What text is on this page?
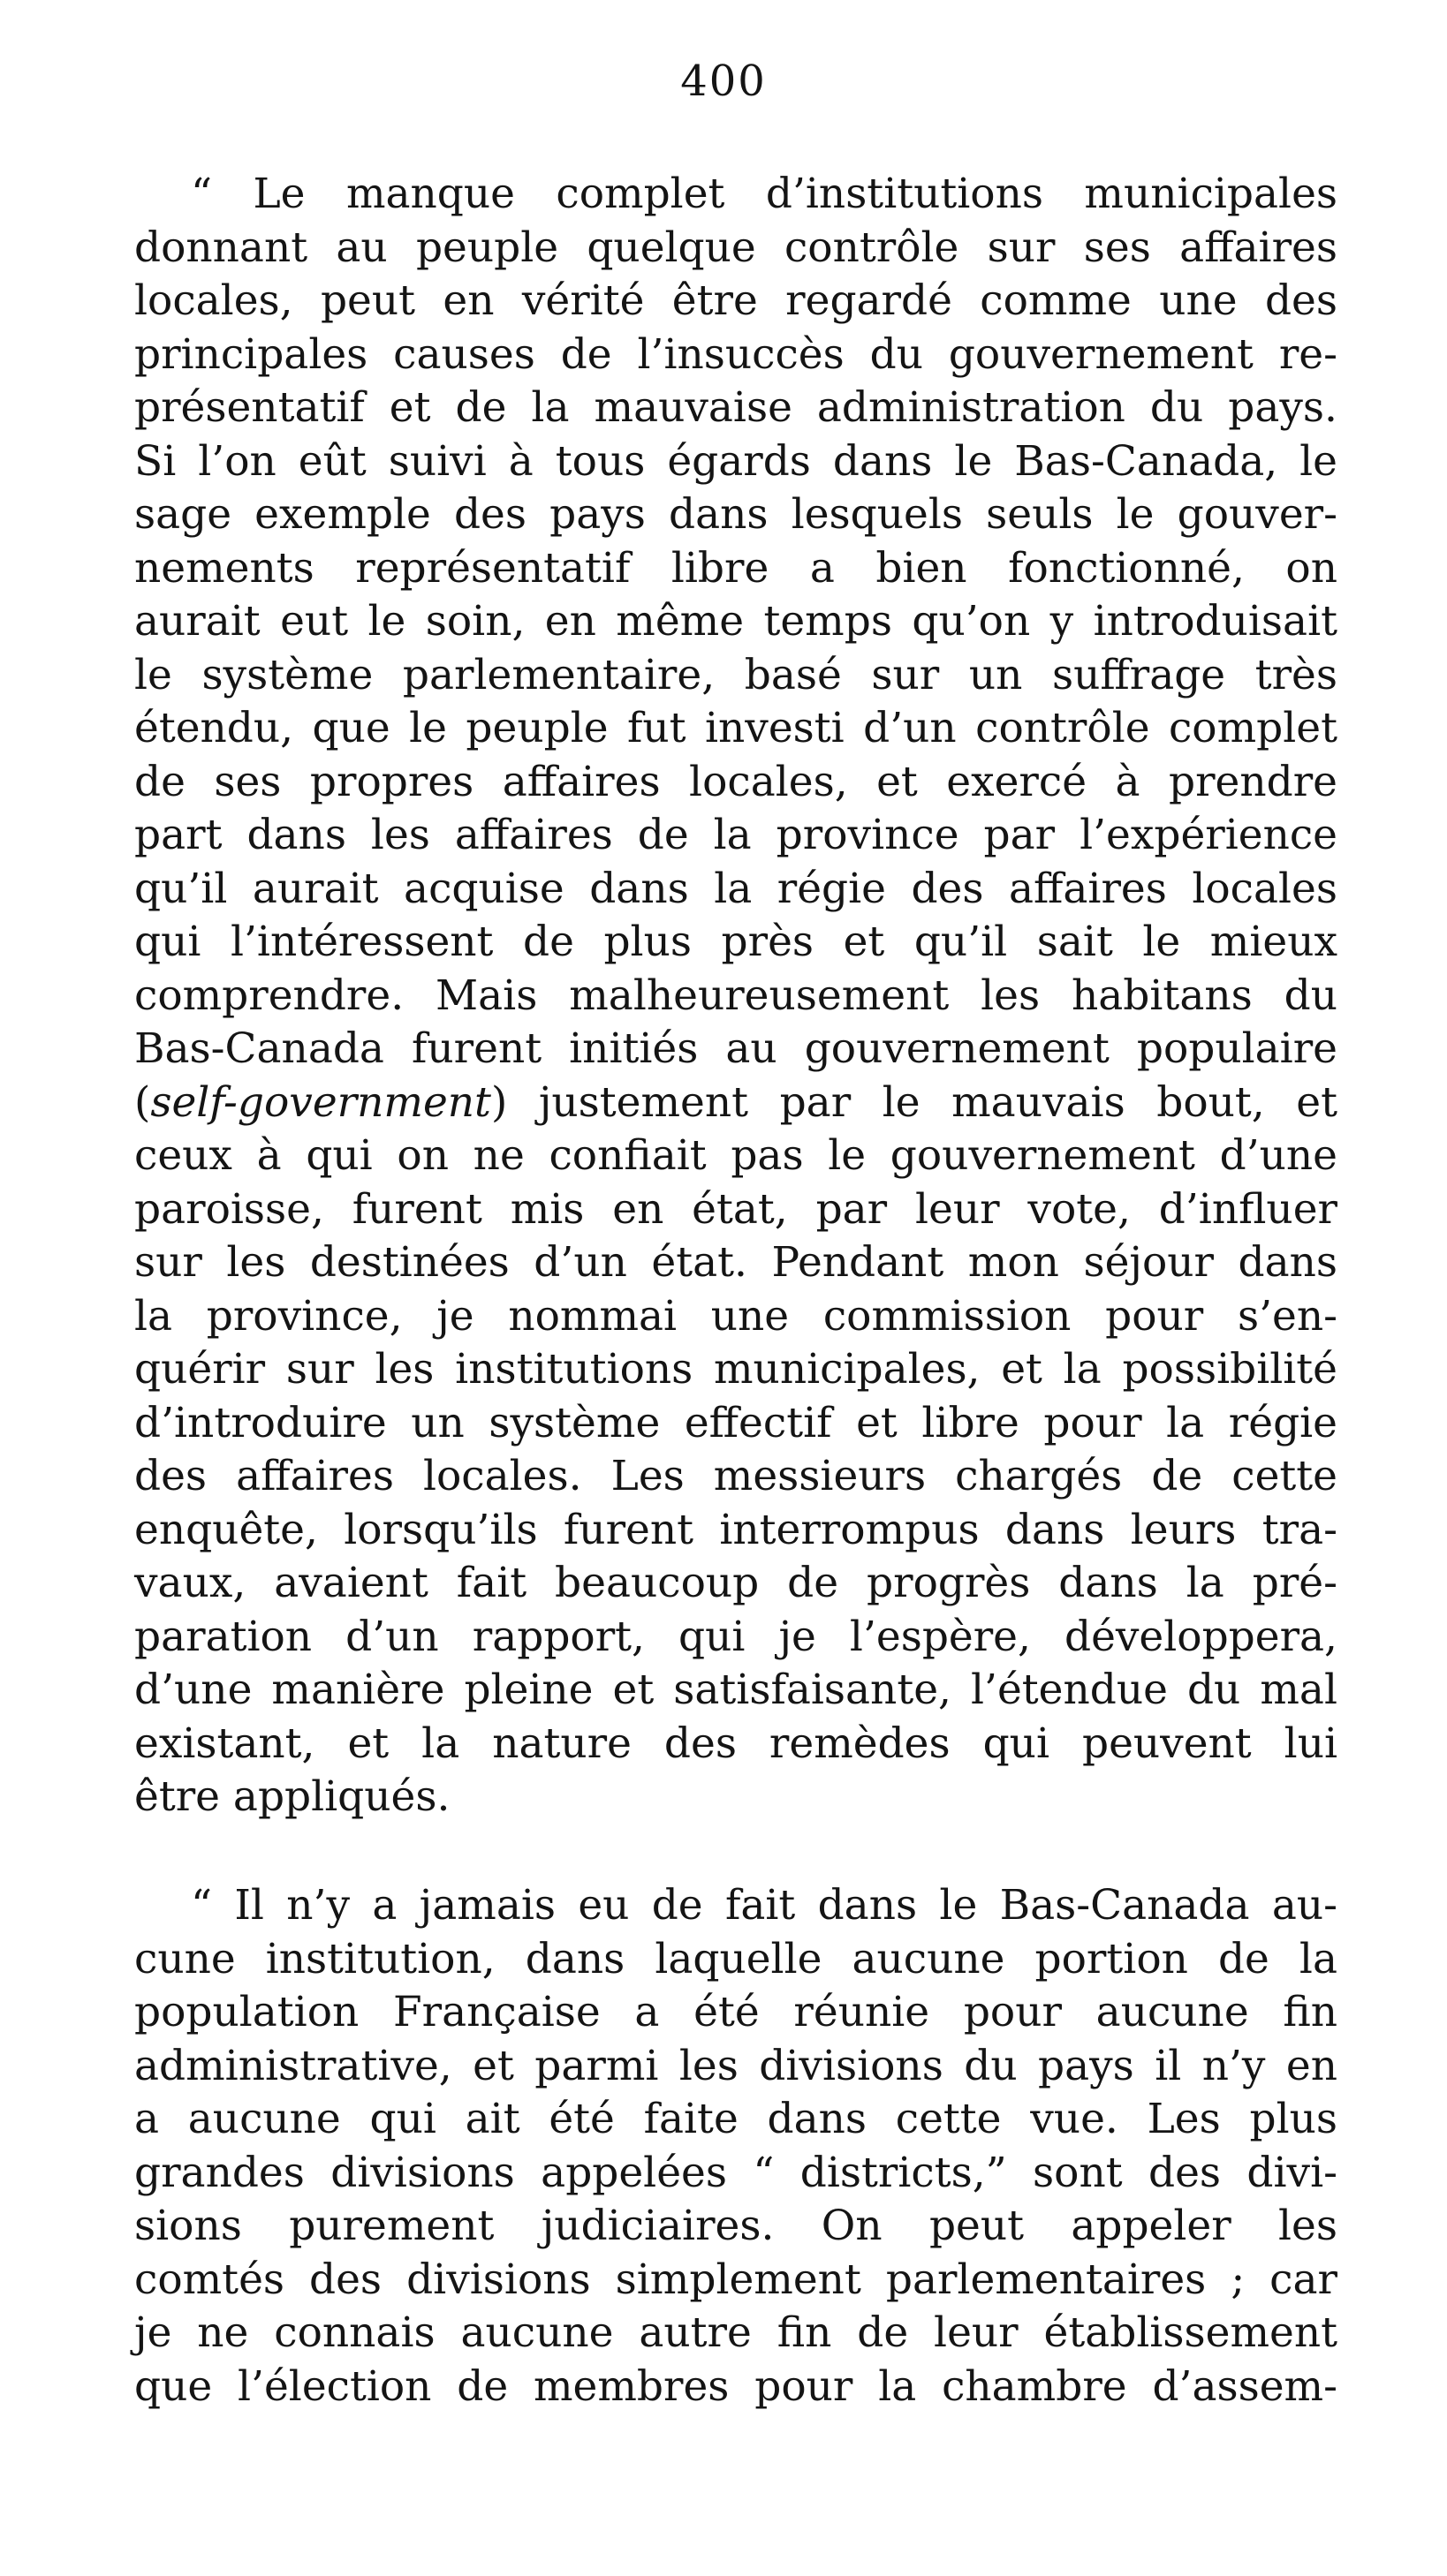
400
“ Le manque complet d’institutions municipales
donnant au peuple quelque contrôle sur ses affaires
locales, peut en vérité être regardé comme une des
principales causes de l’insuccès du gouvernement re-
présentatif et de la mauvaise administration du pays.
Si l’on eût suivi à tous égards dans le Bas-Canada, le
sage exemple des pays dans lesquels seuls le gouver-
nements représentatif libre a bien fonctionné, on
aurait eut le soin, en même temps qu’on y introduisait
le système parlementaire, basé sur un suffrage très
étendu, que le peuple fut investi d’un contrôle complet
de ses propres affaires locales, et exercé à prendre
part dans les affaires de la province par l’expérience
qu’il aurait acquise dans la régie des affaires locales
qui l’intéressent de plus près et qu’il sait le mieux
comprendre. Mais malheureusement les habitans du
Bas-Canada furent initiés au gouvernement populaire
(self-government) justement par le mauvais bout, et
ceux à qui on ne confiait pas le gouvernement d’une
paroisse, furent mis en état, par leur vote, d’influer
sur les destinées d’un état. Pendant mon séjour dans
la province, je nommai une commission pour s’en-
quérir sur les institutions municipales, et la possibilité
d’introduire un système effectif et libre pour la régie
des affaires locales. Les messieurs chargés de cette
enquête, lorsqu’ils furent interrompus dans leurs tra-
vaux, avaient fait beaucoup de progrès dans la pré-
paration d’un rapport, qui je l’espère, développera,
d’une manière pleine et satisfaisante, l’étendue du mal
existant, et la nature des remèdes qui peuvent lui
être appliqués.
“ Il n’y a jamais eu de fait dans le Bas-Canada au-
cune institution, dans laquelle aucune portion de la
population Française a été réunie pour aucune fin
administrative, et parmi les divisions du pays il n’y en
a aucune qui ait été faite dans cette vue. Les plus
grandes divisions appelées “ districts,” sont des divi-
sions purement judiciaires. On peut appeler les
comtés des divisions simplement parlementaires ; car
je ne connais aucune autre fin de leur établissement
que l’élection de membres pour la chambre d’assem-
